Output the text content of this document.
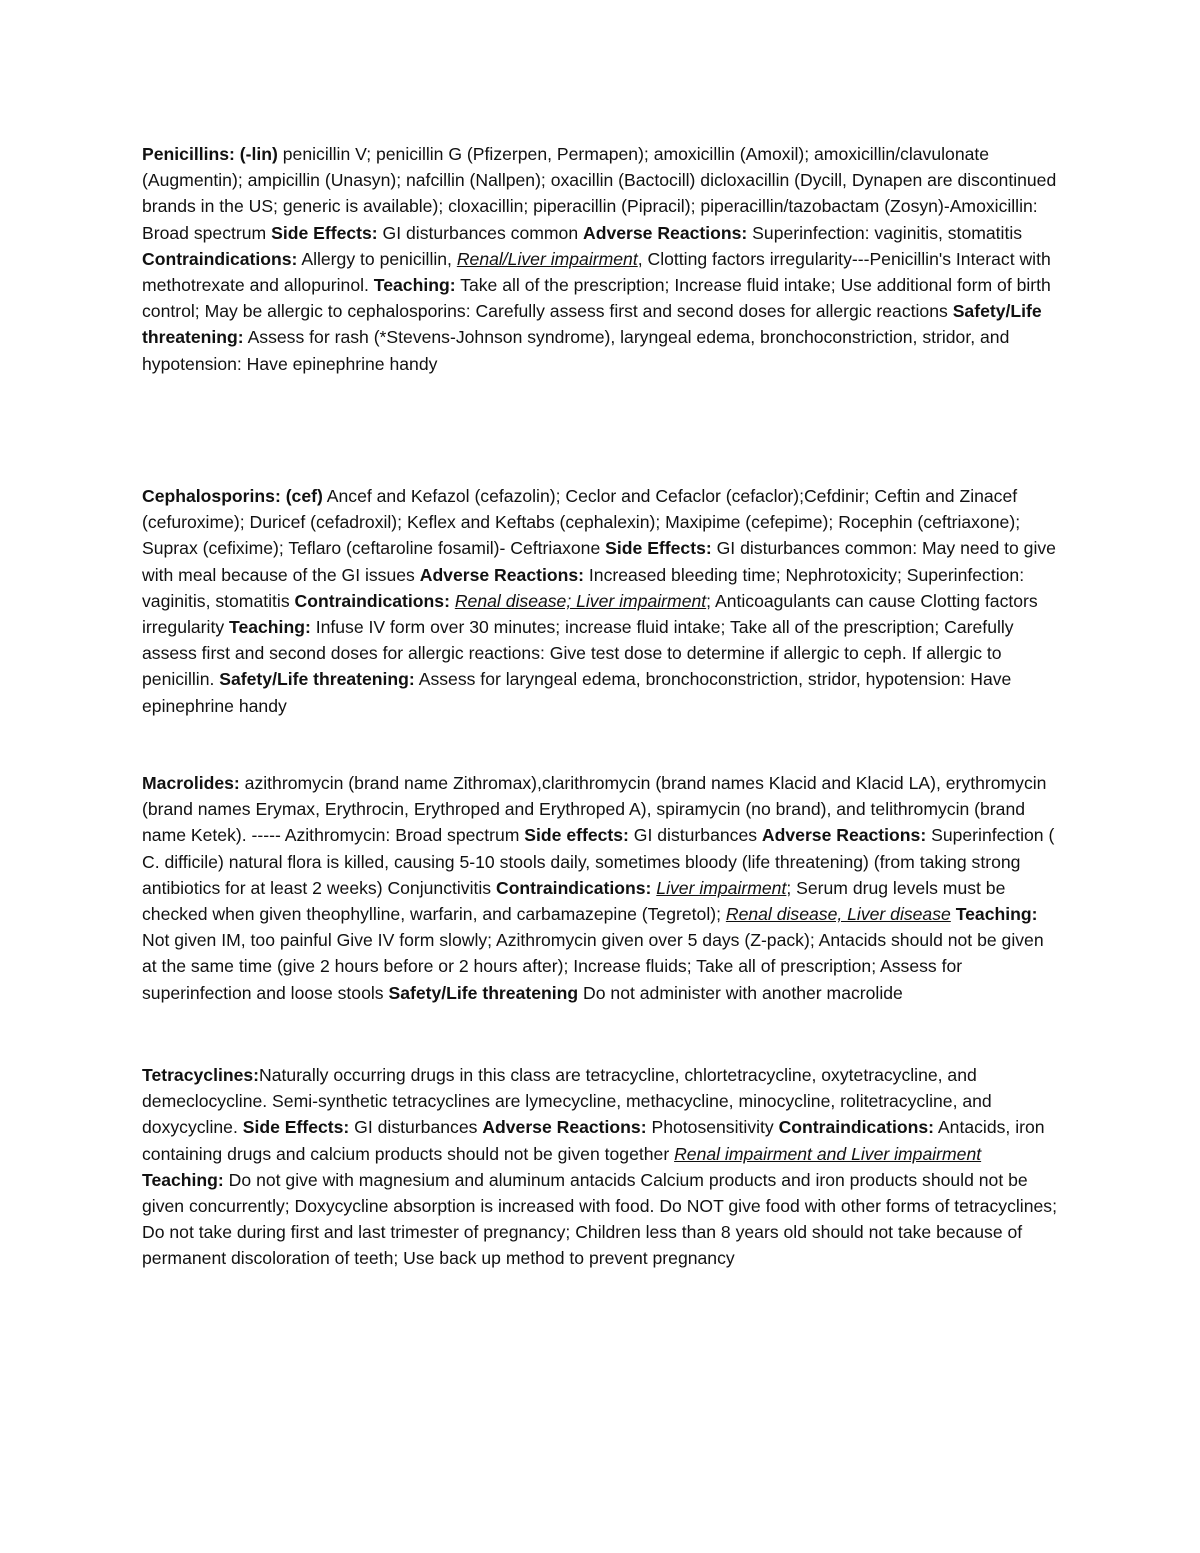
Penicillins: (-lin) penicillin V; penicillin G (Pfizerpen, Permapen); amoxicillin (Amoxil); amoxicillin/clavulonate (Augmentin); ampicillin (Unasyn); nafcillin (Nallpen); oxacillin (Bactocill) dicloxacillin (Dycill, Dynapen are discontinued brands in the US; generic is available); cloxacillin; piperacillin (Pipracil); piperacillin/tazobactam (Zosyn)-Amoxicillin: Broad spectrum Side Effects: GI disturbances common Adverse Reactions: Superinfection: vaginitis, stomatitis Contraindications: Allergy to penicillin, Renal/Liver impairment, Clotting factors irregularity---Penicillin's Interact with methotrexate and allopurinol. Teaching: Take all of the prescription; Increase fluid intake; Use additional form of birth control; May be allergic to cephalosporins: Carefully assess first and second doses for allergic reactions Safety/Life threatening: Assess for rash (*Stevens-Johnson syndrome), laryngeal edema, bronchoconstriction, stridor, and hypotension: Have epinephrine handy

Cephalosporins: (cef) Ancef and Kefazol (cefazolin); Ceclor and Cefaclor (cefaclor);Cefdinir; Ceftin and Zinacef (cefuroxime); Duricef (cefadroxil); Keflex and Keftabs (cephalexin); Maxipime (cefepime); Rocephin (ceftriaxone); Suprax (cefixime); Teflaro (ceftaroline fosamil)- Ceftriaxone Side Effects: GI disturbances common: May need to give with meal because of the GI issues Adverse Reactions: Increased bleeding time; Nephrotoxicity; Superinfection: vaginitis, stomatitis Contraindications: Renal disease; Liver impairment; Anticoagulants can cause Clotting factors irregularity Teaching: Infuse IV form over 30 minutes; increase fluid intake; Take all of the prescription; Carefully assess first and second doses for allergic reactions: Give test dose to determine if allergic to ceph. If allergic to penicillin. Safety/Life threatening: Assess for laryngeal edema, bronchoconstriction, stridor, hypotension: Have epinephrine handy

Macrolides: azithromycin (brand name Zithromax),clarithromycin (brand names Klacid and Klacid LA), erythromycin (brand names Erymax, Erythrocin, Erythroped and Erythroped A), spiramycin (no brand), and telithromycin (brand name Ketek). ----- Azithromycin: Broad spectrum Side effects: GI disturbances Adverse Reactions: Superinfection ( C. difficile) natural flora is killed, causing 5-10 stools daily, sometimes bloody (life threatening) (from taking strong antibiotics for at least 2 weeks) Conjunctivitis Contraindications: Liver impairment; Serum drug levels must be checked when given theophylline, warfarin, and carbamazepine (Tegretol); Renal disease, Liver disease Teaching: Not given IM, too painful Give IV form slowly; Azithromycin given over 5 days (Z-pack); Antacids should not be given at the same time (give 2 hours before or 2 hours after); Increase fluids; Take all of prescription; Assess for superinfection and loose stools Safety/Life threatening Do not administer with another macrolide

Tetracyclines:Naturally occurring drugs in this class are tetracycline, chlortetracycline, oxytetracycline, and demeclocycline. Semi-synthetic tetracyclines are lymecycline, methacycline, minocycline, rolitetracycline, and doxycycline. Side Effects: GI disturbances Adverse Reactions: Photosensitivity Contraindications: Antacids, iron containing drugs and calcium products should not be given together Renal impairment and Liver impairment Teaching: Do not give with magnesium and aluminum antacids Calcium products and iron products should not be given concurrently; Doxycycline absorption is increased with food. Do NOT give food with other forms of tetracyclines; Do not take during first and last trimester of pregnancy; Children less than 8 years old should not take because of permanent discoloration of teeth; Use back up method to prevent pregnancy
